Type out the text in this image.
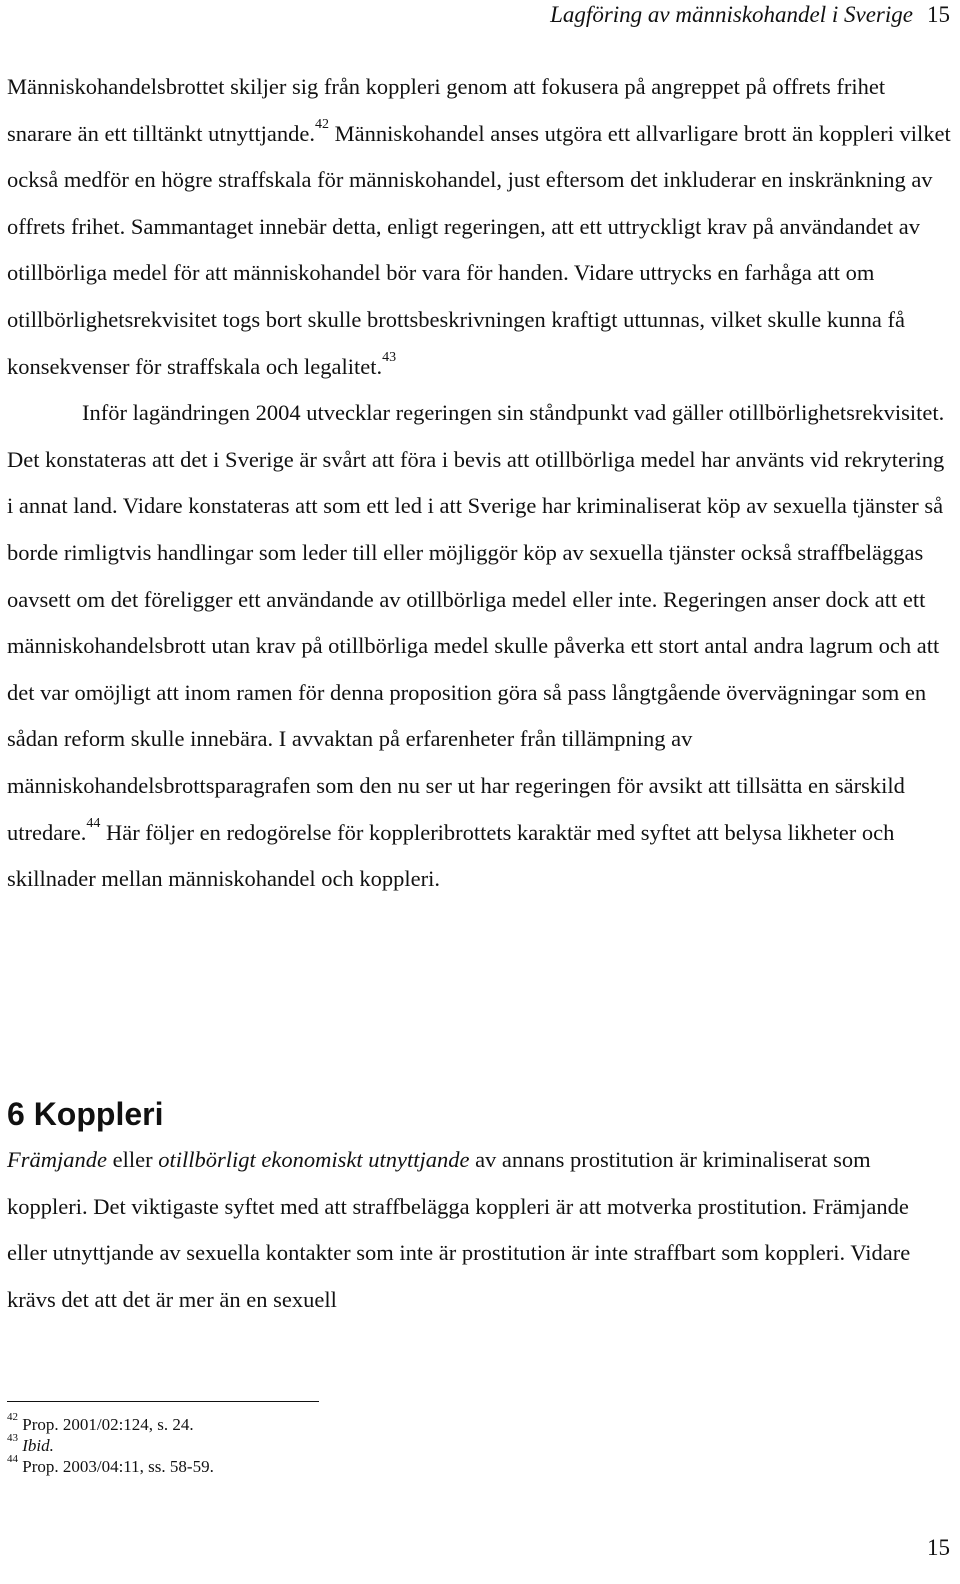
Lagföring av människohandel i Sverige 15

Människohandelsbrottet skiljer sig från koppleri genom att fokusera på angreppet på offrets frihet snarare än ett tilltänkt utnyttjande.$^{42}$ Människohandel anses utgöra ett allvarligare brott än koppleri vilket också medför en högre straffskala för människohandel, just eftersom det inkluderar en inskränkning av offrets frihet. Sammantaget innebär detta, enligt regeringen, att ett uttryckligt krav på användandet av otillbörliga medel för att människohandel bör vara för handen. Vidare uttrycks en farhåga att om otillbörlighetsrekvisitet togs bort skulle brottsbeskrivningen kraftigt uttunnas, vilket skulle kunna få konsekvenser för straffskala och legalitet.$^{43}$

Inför lagändringen 2004 utvecklar regeringen sin ståndpunkt vad gäller otillbörlighetsrekvisitet. Det konstateras att det i Sverige är svårt att föra i bevis att otillbörliga medel har använts vid rekrytering i annat land. Vidare konstateras att som ett led i att Sverige har kriminaliserat köp av sexuella tjänster så borde rimligtvis handlingar som leder till eller möjliggör köp av sexuella tjänster också straffbeläggas oavsett om det föreligger ett användande av otillbörliga medel eller inte. Regeringen anser dock att ett människohandelsbrott utan krav på otillbörliga medel skulle påverka ett stort antal andra lagrum och att det var omöjligt att inom ramen för denna proposition göra så pass långtgående övervägningar som en sådan reform skulle innebära. I avvaktan på erfarenheter från tillämpning av människohandelsbrottsparagrafen som den nu ser ut har regeringen för avsikt att tillsätta en särskild utredare.$^{44}$ Här följer en redogörelse för koppleribrottets karaktär med syftet att belysa likheter och skillnader mellan människohandel och koppleri.

6 Koppleri

Främjande eller otillbörligt ekonomiskt utnyttjande av annans prostitution är kriminaliserat som koppleri. Det viktigaste syftet med att straffbelägga koppleri är att motverka prostitution. Främjande eller utnyttjande av sexuella kontakter som inte är prostitution är inte straffbart som koppleri. Vidare krävs det att det är mer än en sexuell

$^{42}$ Prop. 2001/02:124, s. 24.

$^{43}$ Ibid.

$^{44}$ Prop. 2003/04:11, ss. 58-59.

15
